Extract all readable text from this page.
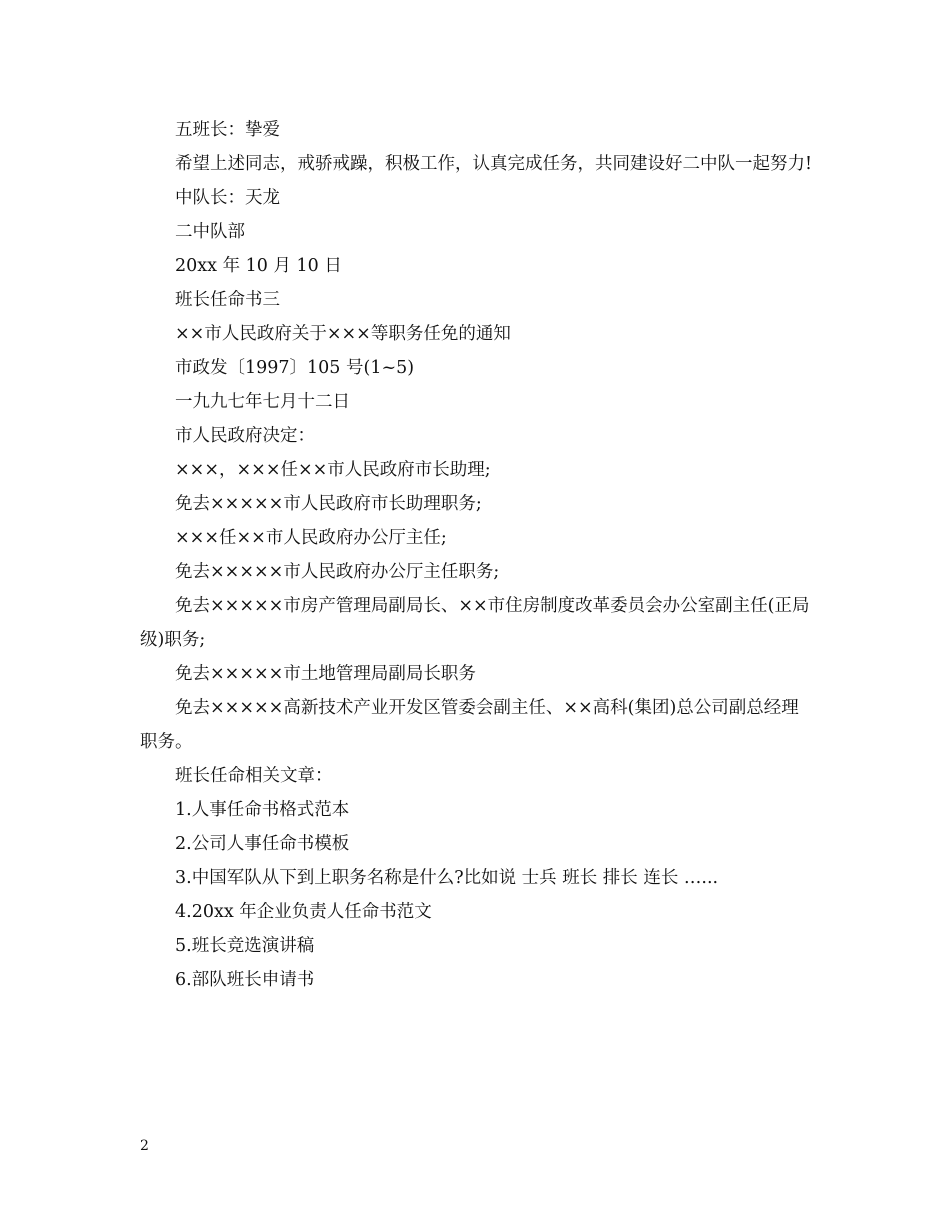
五班长：挚爱

希望上述同志，戒骄戒躁，积极工作，认真完成任务，共同建设好二中队一起努力!

中队长：天龙

二中队部

20xx 年 10 月 10 日

班长任命书三

××市人民政府关于×××等职务任免的通知

市政发〔1997〕105 号(1~5)

一九九七年七月十二日

市人民政府决定：

×××，×××任××市人民政府市长助理;

免去×××××市人民政府市长助理职务;

×××任××市人民政府办公厅主任;

免去×××××市人民政府办公厅主任职务;

免去×××××市房产管理局副局长、××市住房制度改革委员会办公室副主任(正局级)职务;

免去×××××市土地管理局副局长职务

免去×××××高新技术产业开发区管委会副主任、××高科(集团)总公司副总经理职务。

班长任命相关文章：

1.人事任命书格式范本

2.公司人事任命书模板

3.中国军队从下到上职务名称是什么?比如说 士兵 班长 排长 连长 …...

4.20xx 年企业负责人任命书范文

5.班长竞选演讲稿

6.部队班长申请书

2
